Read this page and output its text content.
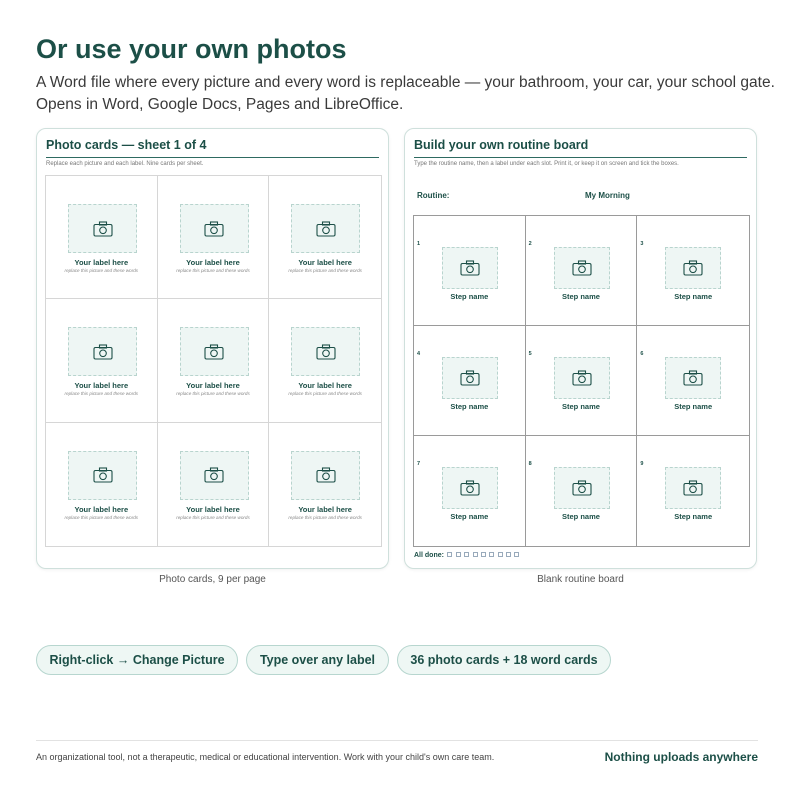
Or use your own photos
A Word file where every picture and every word is replaceable — your bathroom, your car, your school gate. Opens in Word, Google Docs, Pages and LibreOffice.
Photo cards — sheet 1 of 4
Replace each picture and each label. Nine cards per sheet.
Your label here
replace this picture and these words
Your label here
replace this picture and these words
Your label here
replace this picture and these words
Your label here
replace this picture and these words
Your label here
replace this picture and these words
Your label here
replace this picture and these words
Your label here
replace this picture and these words
Your label here
replace this picture and these words
Your label here
replace this picture and these words
Photo cards, 9 per page
Build your own routine board
Type the routine name, then a label under each slot. Print it, or keep it on screen and tick the boxes.
Routine:	My Morning
1
Step name
2
Step name
3
Step name
4
Step name
5
Step name
6
Step name
7
Step name
8
Step name
9
Step name
All done:
Blank routine board
Right-click → Change Picture	Type over any label	36 photo cards + 18 word cards
An organizational tool, not a therapeutic, medical or educational intervention. Work with your child's own care team.	Nothing uploads anywhere
